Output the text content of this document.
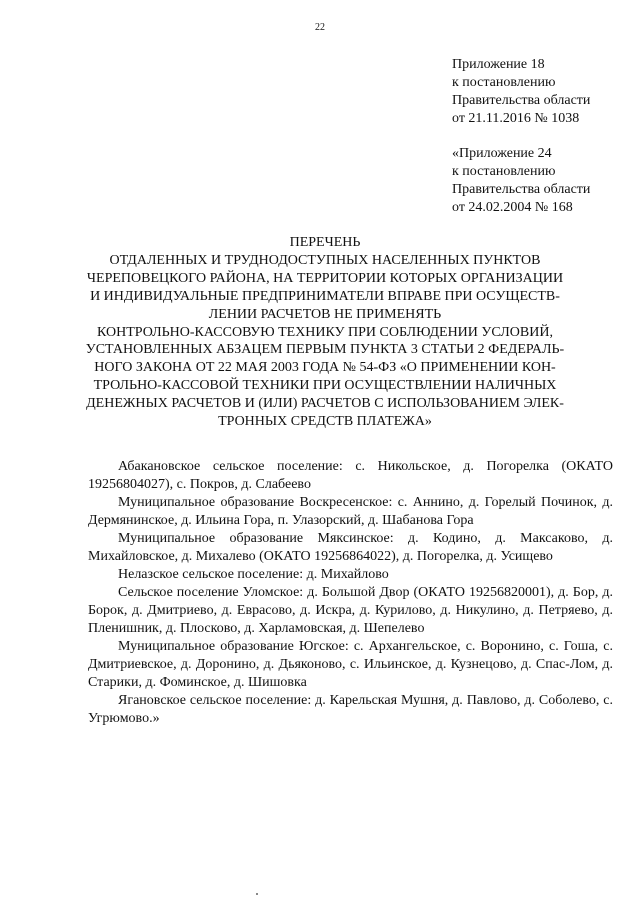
22
Приложение 18
к постановлению
Правительства области
от 21.11.2016 № 1038
«Приложение 24
к постановлению
Правительства области
от 24.02.2004 № 168
ПЕРЕЧЕНЬ
ОТДАЛЕННЫХ И ТРУДНОДОСТУПНЫХ НАСЕЛЕННЫХ ПУНКТОВ
ЧЕРЕПОВЕЦКОГО РАЙОНА, НА ТЕРРИТОРИИ КОТОРЫХ ОРГАНИЗАЦИИ
И ИНДИВИДУАЛЬНЫЕ ПРЕДПРИНИМАТЕЛИ ВПРАВЕ ПРИ ОСУЩЕСТВ-
ЛЕНИИ РАСЧЕТОВ НЕ ПРИМЕНЯТЬ
КОНТРОЛЬНО-КАССОВУЮ ТЕХНИКУ ПРИ СОБЛЮДЕНИИ УСЛОВИЙ,
УСТАНОВЛЕННЫХ АБЗАЦЕМ ПЕРВЫМ ПУНКТА 3 СТАТЬИ 2 ФЕДЕРАЛЬ-
НОГО ЗАКОНА ОТ 22 МАЯ 2003 ГОДА № 54-ФЗ «О ПРИМЕНЕНИИ КОН-
ТРОЛЬНО-КАССОВОЙ ТЕХНИКИ ПРИ ОСУЩЕСТВЛЕНИИ НАЛИЧНЫХ
ДЕНЕЖНЫХ РАСЧЕТОВ И (ИЛИ) РАСЧЕТОВ С ИСПОЛЬЗОВАНИЕМ ЭЛЕК-
ТРОННЫХ СРЕДСТВ ПЛАТЕЖА»

Абакановское сельское поселение: с. Никольское, д. Погорелка (ОКАТО 19256804027), с. Покров, д. Слабеево

Муниципальное образование Воскресенское: с. Аннино, д. Горелый Починок, д. Дермянинское, д. Ильина Гора, п. Улазорский, д. Шабанова Гора

Муниципальное образование Мяксинское: д. Кодино, д. Максаково, д. Михайловское, д. Михалево (ОКАТО 19256864022), д. Погорелка, д. Усищево

Нелазское сельское поселение: д. Михайлово

Сельское поселение Уломское: д. Большой Двор (ОКАТО 19256820001), д. Бор, д. Борок, д. Дмитриево, д. Еврасово, д. Искра, д. Курилово, д. Никулино, д. Петряево, д. Пленишник, д. Плосково, д. Харламовская, д. Шепелево

Муниципальное образование Югское: с. Архангельское, с. Воронино, с. Гоша, с. Дмитриевское, д. Доронино, д. Дьяконово, с. Ильинское, д. Кузнецово, д. Спас-Лом, д. Старики, д. Фоминское, д. Шишовка

Ягановское сельское поселение: д. Карельская Мушня, д. Павлово, д. Соболево, с. Угрюмово.»
